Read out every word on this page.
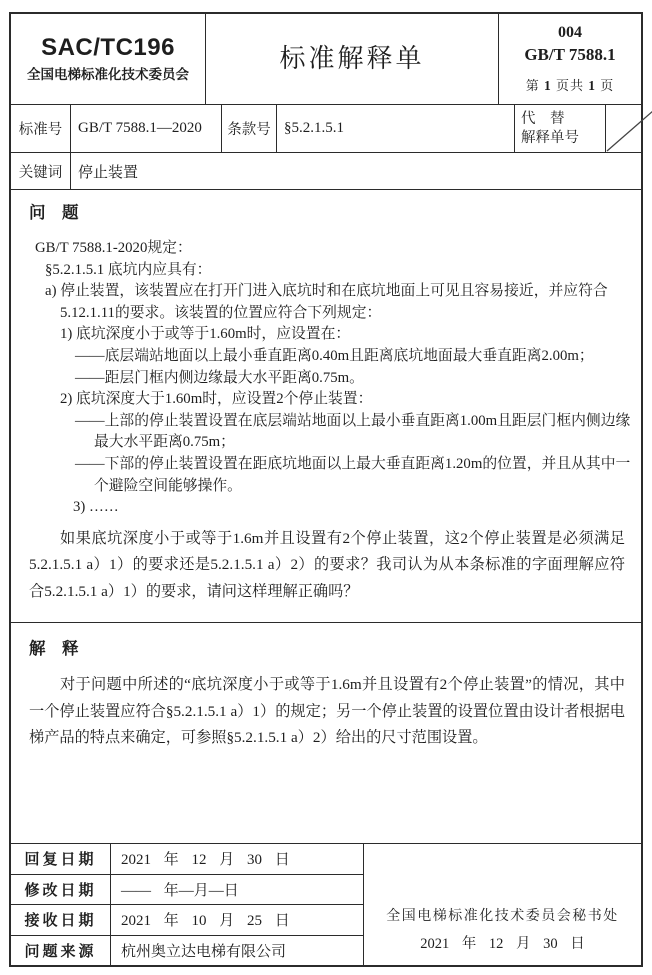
SAC/TC196
全国电梯标准化技术委员会
标准解释单
004
GB/T 7588.1
第 1 页共 1 页
标准号	GB/T 7588.1—2020	条款号 §5.2.1.5.1
代　替
解释单号
关键词	停止装置
问　题
GB/T 7588.1-2020规定：
§5.2.1.5.1 底坑内应具有：
a) 停止装置，该装置应在打开门进入底坑时和在底坑地面上可见且容易接近，并应符合
5.12.1.11的要求。该装置的位置应符合下列规定：
1) 底坑深度小于或等于1.60m时，应设置在：
——底层端站地面以上最小垂直距离0.40m且距离底坑地面最大垂直距离2.00m；
——距层门框内侧边缘最大水平距离0.75m。
2) 底坑深度大于1.60m时，应设置2个停止装置：
——上部的停止装置设置在底层端站地面以上最小垂直距离1.00m且距层门框内侧边缘
最大水平距离0.75m；
——下部的停止装置设置在距底坑地面以上最大垂直距离1.20m的位置，并且从其中一
个避险空间能够操作。
3) ……
如果底坑深度小于或等于1.6m并且设置有2个停止装置，这2个停止装置是必须满足5.2.1.5.1 a）1）的要求还是5.2.1.5.1 a）2）的要求？我司认为从本条标准的字面理解应符合5.2.1.5.1 a）1）的要求，请问这样理解正确吗？
解　释
对于问题中所述的“底坑深度小于或等于1.6m并且设置有2个停止装置”的情况，其中一个停止装置应符合§5.2.1.5.1 a）1）的规定；另一个停止装置的设置位置由设计者根据电梯产品的特点来确定，可参照§5.2.1.5.1 a）2）给出的尺寸范围设置。
回复日期	2021 年 12 月 30 日
修改日期	—— 年—月—日
接收日期	2021 年 10 月 25 日
问题来源	杭州奥立达电梯有限公司
全国电梯标准化技术委员会秘书处
2021 年 12 月 30 日
